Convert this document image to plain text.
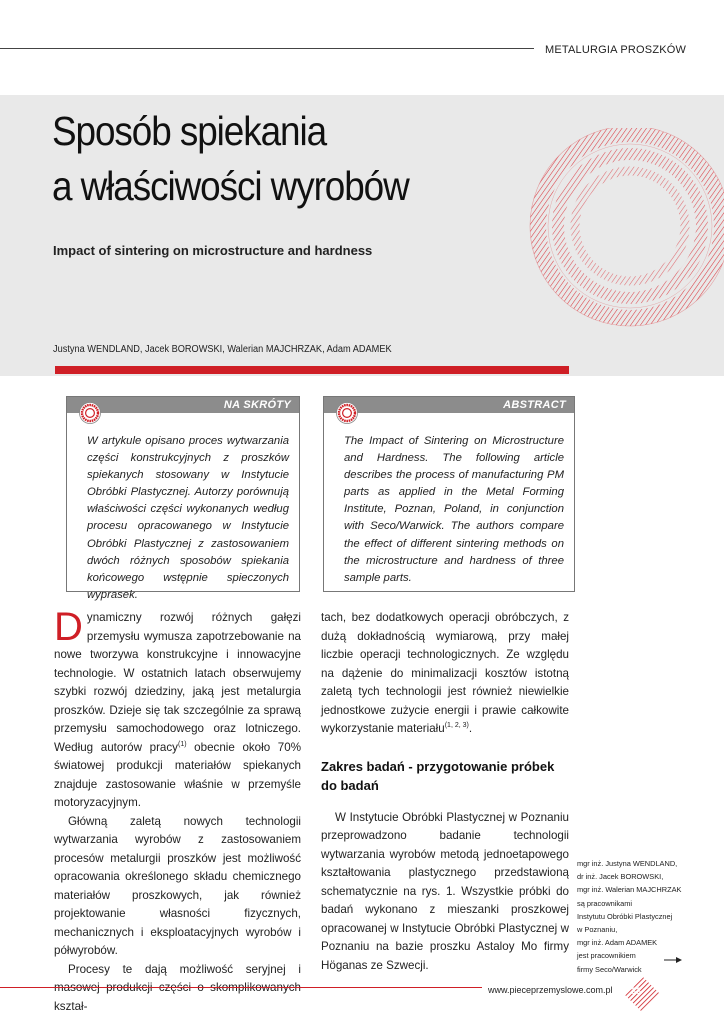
METALURGIA PROSZKÓW
Sposób spiekania
a właściwości wyrobów
Impact of sintering on microstructure and hardness
Justyna WENDLAND, Jacek BOROWSKI, Walerian MAJCHRZAK, Adam ADAMEK
NA SKRÓTY
W artykule opisano proces wytwarzania części konstrukcyjnych z proszków spiekanych stosowany w Instytucie Obróbki Plastycznej. Autorzy porównują właściwości części wykonanych według procesu opracowanego w Instytucie Obróbki Plastycznej z zastosowaniem dwóch różnych sposobów spiekania końcowego wstępnie spieczonych wyprasek.
ABSTRACT
The Impact of Sintering on Microstructure and Hardness. The following article describes the process of manufacturing PM parts as applied in the Metal Forming Institute, Poznan, Poland, in conjunction with Seco/Warwick. The authors compare the effect of different sintering methods on the microstructure and hardness of three sample parts.

Dynamiczny rozwój różnych gałęzi przemysłu wymusza zapotrzebowanie na nowe tworzywa konstrukcyjne i innowacyjne technologie. W ostatnich latach obserwujemy szybki rozwój dziedziny, jaką jest metalurgia proszków. Dzieje się tak szczególnie za sprawą przemysłu samochodowego oraz lotniczego. Według autorów pracy$^{(1)}$ obecnie około 70% światowej produkcji materiałów spiekanych znajduje zastosowanie właśnie w przemyśle motoryzacyjnym.

Główną zaletą nowych technologii wytwarzania wyrobów z zastosowaniem procesów metalurgii proszków jest możliwość opracowania określonego składu chemicznego materiałów proszkowych, jak również projektowanie własności fizycznych, mechanicznych i eksploatacyjnych wyrobów i półwyrobów.

Procesy te dają możliwość seryjnej i masowej produkcji części o skomplikowanych kształ-

tach, bez dodatkowych operacji obróbczych, z dużą dokładnością wymiarową, przy małej liczbie operacji technologicznych. Ze względu na dążenie do minimalizacji kosztów istotną zaletą tych technologii jest również niewielkie jednostkowe zużycie energii i prawie całkowite wykorzystanie materiału$^{(1, 2, 3)}$.

Zakres badań - przygotowanie próbek do badań

W Instytucie Obróbki Plastycznej w Poznaniu przeprowadzono badanie technologii wytwarzania wyrobów metodą jednoetapowego kształtowania plastycznego przedstawioną schematycznie na rys. 1. Wszystkie próbki do badań wykonano z mieszanki proszkowej opracowanej w Instytucie Obróbki Plastycznej w Poznaniu na bazie proszku Astaloy Mo firmy Höganas ze Szwecji.

mgr inż. Justyna WENDLAND,
dr inż. Jacek BOROWSKI,
mgr inż. Walerian MAJCHRZAK
są pracownikami
Instytutu Obróbki Plastycznej
w Poznaniu,
mgr inż. Adam ADAMEK
jest pracownikiem
firmy Seco/Warwick
www.pieceprzemyslowe.com.pl	33
